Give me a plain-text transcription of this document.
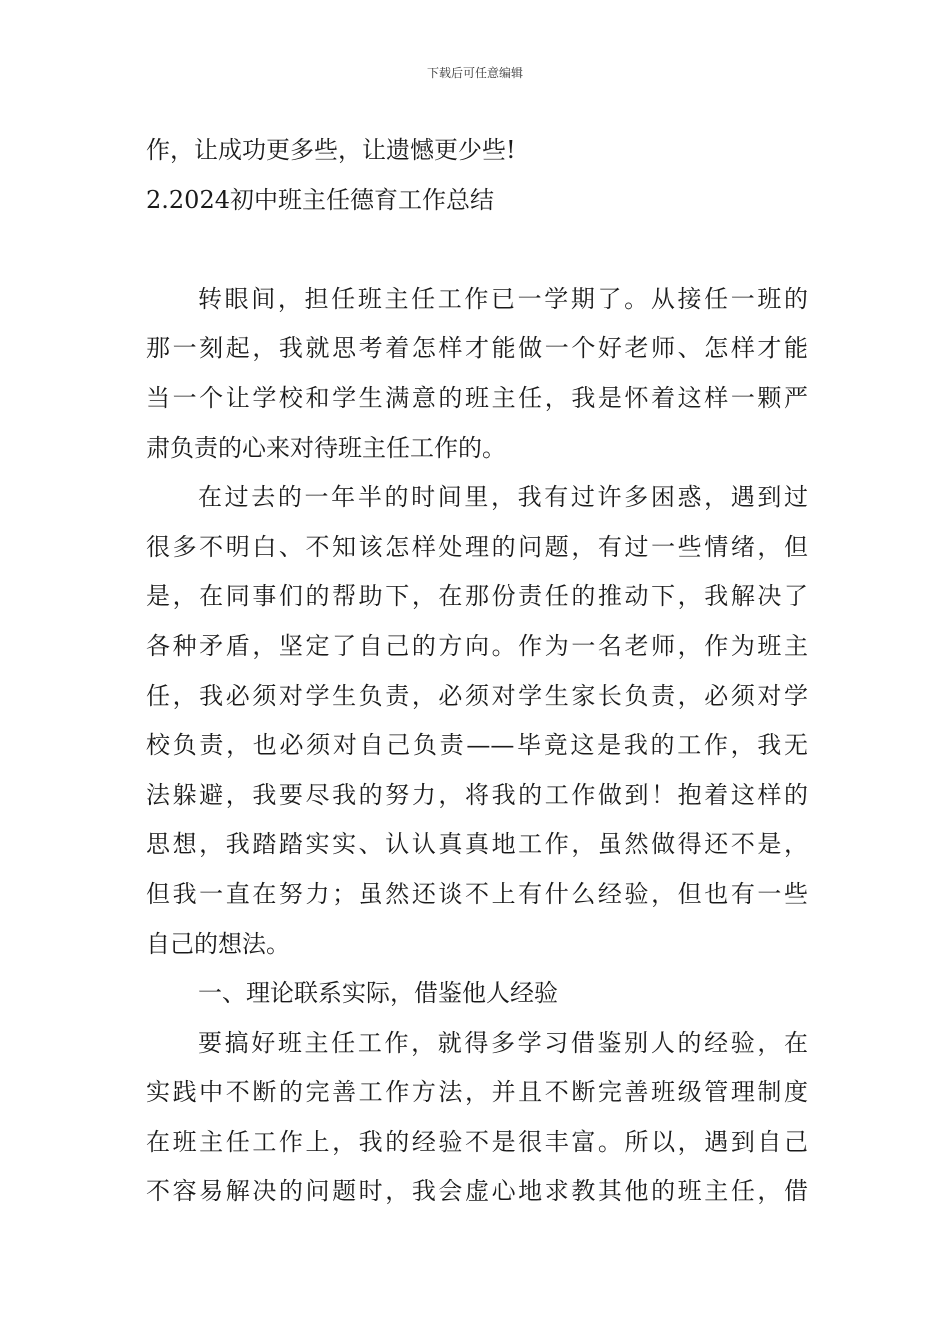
下载后可任意编辑
作，让成功更多些，让遗憾更少些!
2.2024初中班主任德育工作总结
转眼间，担任班主任工作已一学期了。从接任一班的
那一刻起，我就思考着怎样才能做一个好老师、怎样才能
当一个让学校和学生满意的班主任，我是怀着这样一颗严
肃负责的心来对待班主任工作的。
在过去的一年半的时间里，我有过许多困惑，遇到过
很多不明白、不知该怎样处理的问题，有过一些情绪，但
是，在同事们的帮助下，在那份责任的推动下，我解决了
各种矛盾，坚定了自己的方向。作为一名老师，作为班主
任，我必须对学生负责，必须对学生家长负责，必须对学
校负责，也必须对自己负责——毕竟这是我的工作，我无
法躲避，我要尽我的努力，将我的工作做到！抱着这样的
思想，我踏踏实实、认认真真地工作，虽然做得还不是，
但我一直在努力；虽然还谈不上有什么经验，但也有一些
自己的想法。
一、理论联系实际，借鉴他人经验
要搞好班主任工作，就得多学习借鉴别人的经验，在
实践中不断的完善工作方法，并且不断完善班级管理制度
在班主任工作上，我的经验不是很丰富。所以，遇到自己
不容易解决的问题时，我会虚心地求教其他的班主任，借
